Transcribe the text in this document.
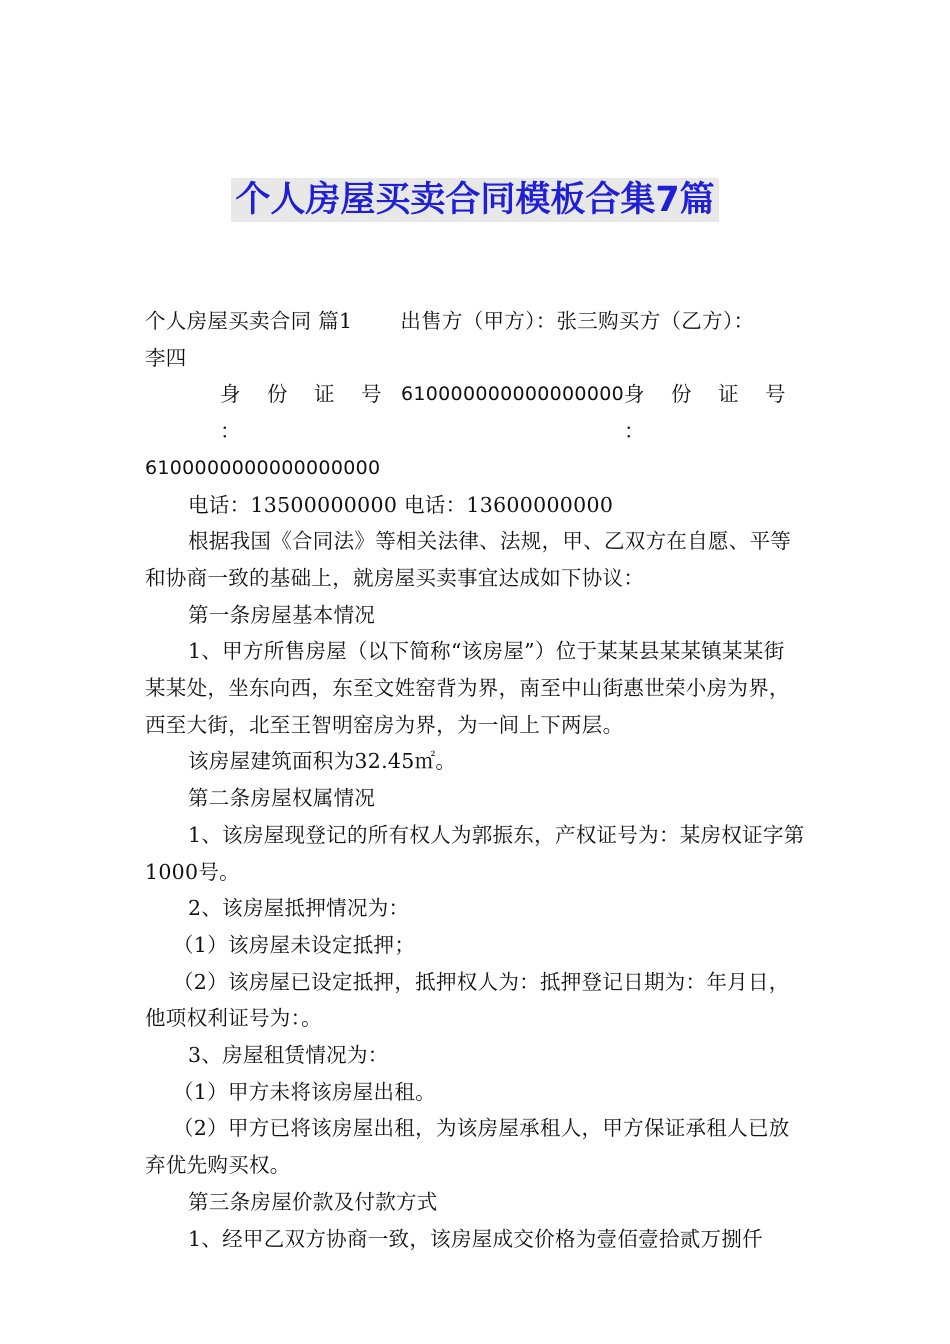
个人房屋买卖合同模板合集7篇

个人房屋买卖合同 篇1 出售方（甲方）：张三购买方（乙方）：

李四

身 份 证 号 ：
610000000000000000 身 份 证 号 ：

6100000000000000000

电话：13500000000 电话：13600000000

根据我国《合同法》等相关法律、法规，甲、乙双方在自愿、平等和协商一致的基础上，就房屋买卖事宜达成如下协议：

第一条房屋基本情况

1、甲方所售房屋（以下简称“该房屋”）位于某某县某某镇某某街某某处，坐东向西，东至文姓窑背为界，南至中山街惠世荣小房为界，西至大街，北至王智明窑房为界，为一间上下两层。

该房屋建筑面积为32.45㎡。

第二条房屋权属情况

1、该房屋现登记的所有权人为郭振东，产权证号为：某房权证字第1000号。

2、该房屋抵押情况为：

（1）该房屋未设定抵押；

（2）该房屋已设定抵押，抵押权人为：抵押登记日期为：年月日，他项权利证号为：。

3、房屋租赁情况为：

（1）甲方未将该房屋出租。

（2）甲方已将该房屋出租，为该房屋承租人，甲方保证承租人已放弃优先购买权。

第三条房屋价款及付款方式

1、经甲乙双方协商一致，该房屋成交价格为壹佰壹拾贰万捌仟
